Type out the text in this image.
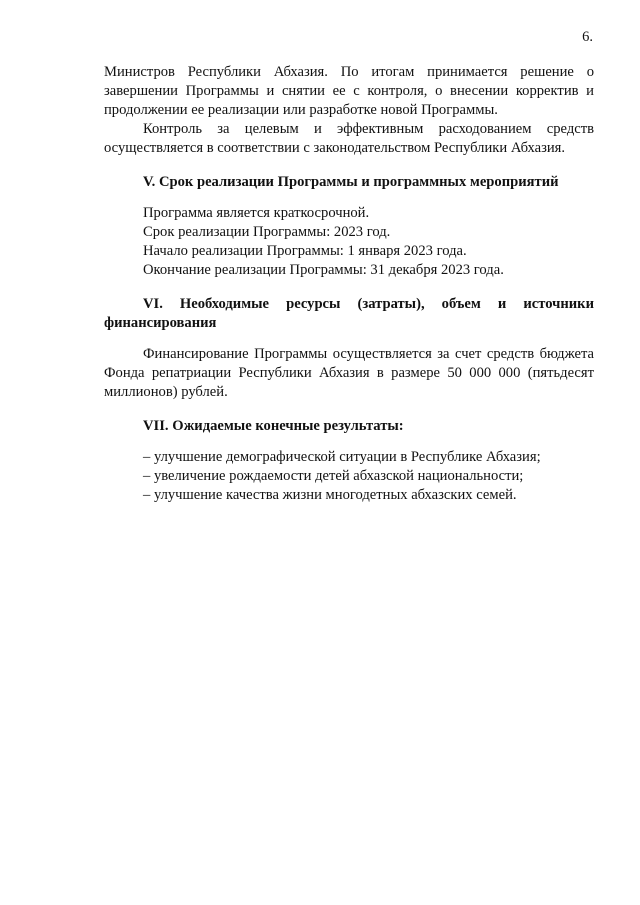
6.

Министров Республики Абхазия. По итогам принимается решение о завершении Программы и снятии ее с контроля, о внесении корректив и продолжении ее реализации или разработке новой Программы.

Контроль за целевым и эффективным расходованием средств осуществляется в соответствии с законодательством Республики Абхазия.

V. Срок реализации Программы и программных мероприятий
Программа является краткосрочной.
Срок реализации Программы: 2023 год.
Начало реализации Программы: 1 января 2023 года.
Окончание реализации Программы: 31 декабря 2023 года.
VI. Необходимые ресурсы (затраты), объем и источники финансирования

Финансирование Программы осуществляется за счет средств бюджета Фонда репатриации Республики Абхазия в размере 50 000 000 (пятьдесят миллионов) рублей.

VII. Ожидаемые конечные результаты:
– улучшение демографической ситуации в Республике Абхазия;
– увеличение рождаемости детей абхазской национальности;
– улучшение качества жизни многодетных абхазских семей.
